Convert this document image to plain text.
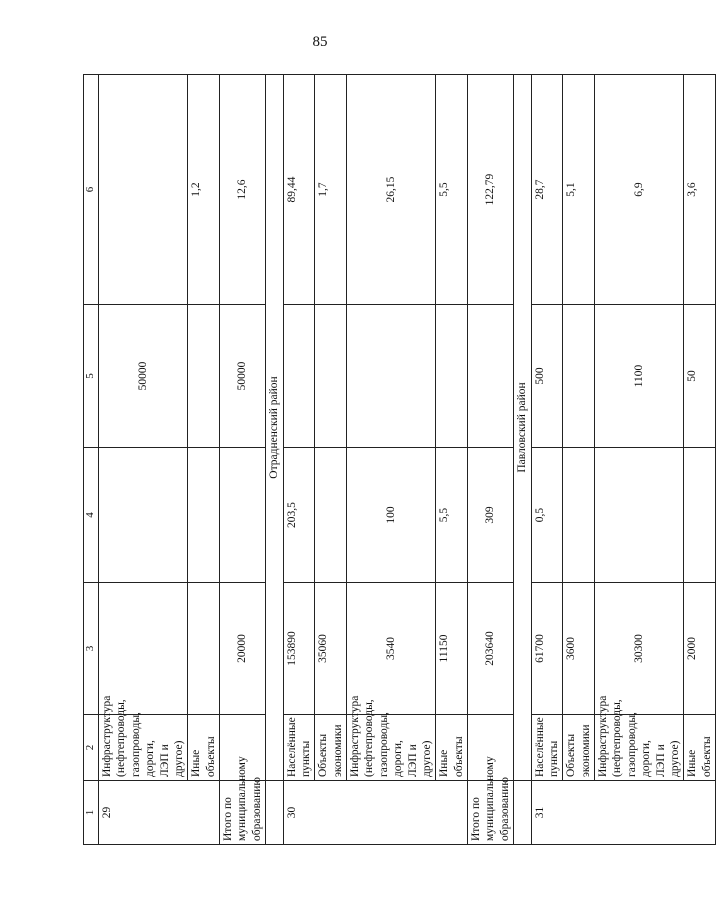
85
1	2	3	4	5	6
29	Инфраструктура (нефтепроводы, газопроводы, дороги, ЛЭП и другое)			50000	
	Иные объекты				1,2
Итого по муниципальному образованию		20000		50000	12,6
	Отрадненский район				
30	Населённые пункты	153890	203,5		89,44
	Объекты экономики	35060			1,7
	Инфраструктура (нефтепроводы, газопроводы, дороги, ЛЭП и другое)	3540	100		26,15
	Иные объекты	11150	5,5		5,5
Итого по муниципальному образованию		203640	309		122,79
	Павловский район				
31	Населённые пункты	61700	0,5	500	28,7
	Объекты экономики	3600			5,1
	Инфраструктура (нефтепроводы, газопроводы, дороги, ЛЭП и другое)	30300		1100	6,9
	Иные объекты	2000		50	3,6
